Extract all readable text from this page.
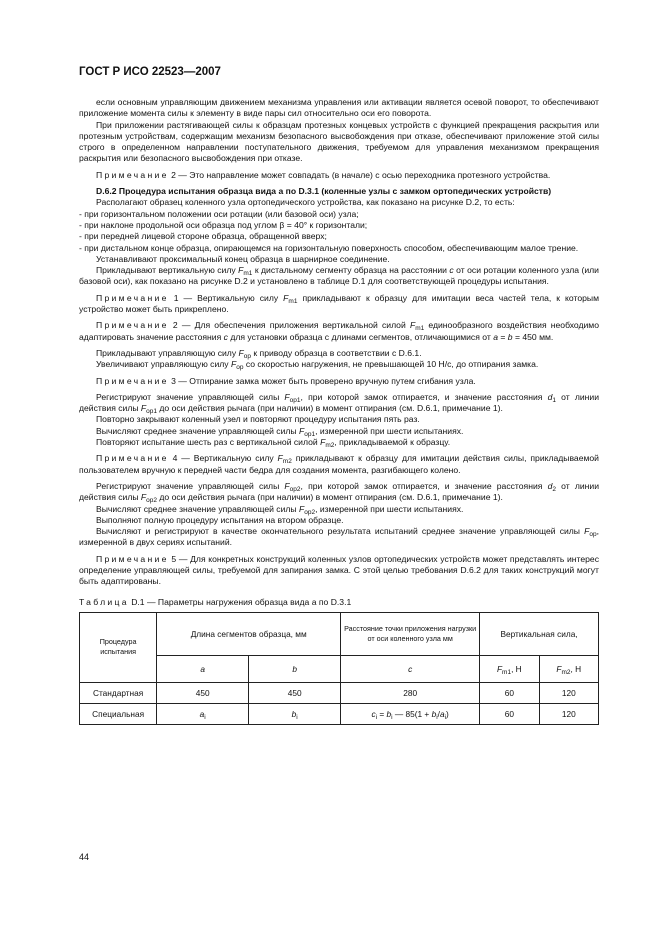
ГОСТ Р ИСО 22523—2007

если основным управляющим движением механизма управления или активации является осевой поворот, то обеспечивают приложение момента силы к элементу в виде пары сил относительно оси его поворота.

При приложении растягивающей силы к образцам протезных концевых устройств с функцией прекращения раскрытия или протезным устройствам, содержащим механизм безопасного высвобождения при отказе, обеспечивают приложение этой силы строго в определенном направлении поступательного движения, требуемом для управления механизмом прекращения раскрытия или безопасного высвобождения при отказе.

Примечание 2 — Это направление может совпадать (в начале) с осью переходника протезного устройства.

D.6.2 Процедура испытания образца вида а по D.3.1 (коленные узлы с замком ортопедических устройств)

Располагают образец коленного узла ортопедического устройства, как показано на рисунке D.2, то есть:

- при горизонтальном положении оси ротации (или базовой оси) узла;

- при наклоне продольной оси образца под углом β = 40° к горизонтали;

- при передней лицевой стороне образца, обращенной вверх;

- при дистальном конце образца, опирающемся на горизонтальную поверхность способом, обеспечивающим малое трение.

Устанавливают проксимальный конец образца в шарнирное соединение.

Прикладывают вертикальную силу $F_{m1}$ к дистальному сегменту образца на расстоянии c от оси ротации коленного узла (или базовой оси), как показано на рисунке D.2 и установлено в таблице D.1 для соответствующей процедуры испытания.

Примечание 1 — Вертикальную силу $F_{m1}$ прикладывают к образцу для имитации веса частей тела, к которым устройство может быть прикреплено.

Примечание 2 — Для обеспечения приложения вертикальной силой $F_{m1}$ единообразного воздействия необходимо адаптировать значение расстояния c для установки образца с длинами сегментов, отличающимися от a = b = 450 мм.

Прикладывают управляющую силу $F_{op}$ к приводу образца в соответствии с D.6.1.

Увеличивают управляющую силу $F_{op}$ со скоростью нагружения, не превышающей 10 Н/с, до отпирания замка.

Примечание 3 — Отпирание замка может быть проверено вручную путем сгибания узла.

Регистрируют значение управляющей силы $F_{op1}$, при которой замок отпирается, и значение расстояния $d_1$ от линии действия силы $F_{op1}$ до оси действия рычага (при наличии) в момент отпирания (см. D.6.1, примечание 1).

Повторно закрывают коленный узел и повторяют процедуру испытания пять раз.

Вычисляют среднее значение управляющей силы $F_{op1}$, измеренной при шести испытаниях.

Повторяют испытание шесть раз с вертикальной силой $F_{m2}$, прикладываемой к образцу.

Примечание 4 — Вертикальную силу $F_{m2}$ прикладывают к образцу для имитации действия силы, прикладываемой пользователем вручную к передней части бедра для создания момента, разгибающего колено.

Регистрируют значение управляющей силы $F_{op2}$, при которой замок отпирается, и значение расстояния $d_2$ от линии действия силы $F_{op2}$ до оси действия рычага (при наличии) в момент отпирания (см. D.6.1, примечание 1).

Вычисляют среднее значение управляющей силы $F_{op2}$, измеренной при шести испытаниях.

Выполняют полную процедуру испытания на втором образце.

Вычисляют и регистрируют в качестве окончательного результата испытаний среднее значение управляющей силы $F_{op}$, измеренной в двух сериях испытаний.

Примечание 5 — Для конкретных конструкций коленных узлов ортопедических устройств может представлять интерес определение управляющей силы, требуемой для запирания замка. С этой целью требования D.6.2 для таких конструкций могут быть адаптированы.

Таблица D.1 — Параметры нагружения образца вида а по D.3.1
Процедура испытания	Длина сегментов образца, мм		Расстояние точки приложения нагрузки от оси коленного узла мм	Вертикальная сила,	
	a	b	c	$F_{m1}$, Н	$F_{m2}$, Н
Стандартная	450	450	280	60	120
Специальная	$a_i$	$b_i$	$c_i = b_i$ — $85(1 + b_i/a_i)$	60	120
44
